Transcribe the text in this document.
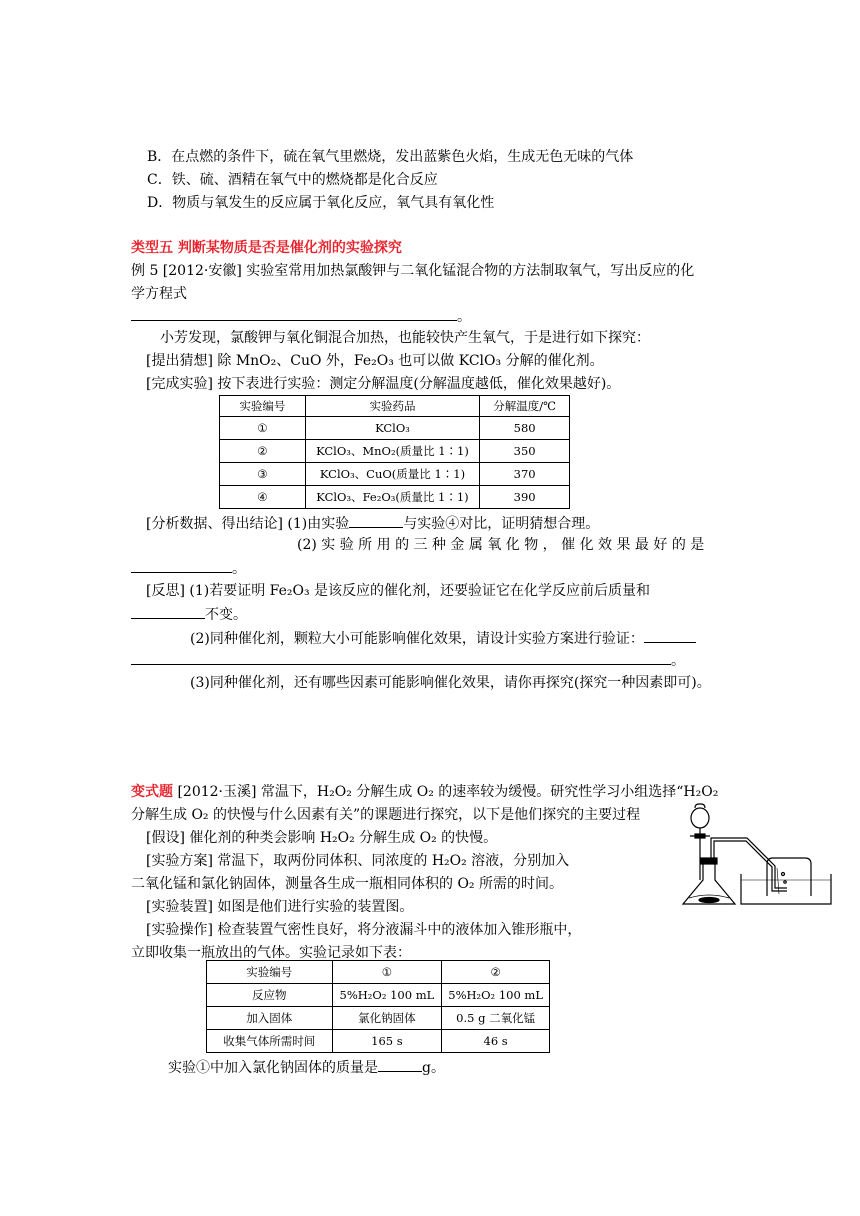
B．在点燃的条件下，硫在氧气里燃烧，发出蓝紫色火焰，生成无色无味的气体
C．铁、硫、酒精在氧气中的燃烧都是化合反应
D．物质与氧发生的反应属于氧化反应，氧气具有氧化性
类型五 判断某物质是否是催化剂的实验探究
例 5 [2012·安徽] 实验室常用加热氯酸钾与二氧化锰混合物的方法制取氧气，写出反应的化
学方程式
。
小芳发现，氯酸钾与氧化铜混合加热，也能较快产生氧气，于是进行如下探究：
[提出猜想] 除 MnO₂、CuO 外，Fe₂O₃ 也可以做 KClO₃ 分解的催化剂。
[完成实验] 按下表进行实验：测定分解温度(分解温度越低，催化效果越好)。
实验编号	实验药品	分解温度/℃
①	KClO₃	580
②	KClO₃、MnO₂(质量比 1∶1)	350
③	KClO₃、CuO(质量比 1∶1)	370
④	KClO₃、Fe₂O₃(质量比 1∶1)	390
[分析数据、得出结论] (1)由实验	与实验④对比，证明猜想合理。
(2) 实 验 所 用 的 三 种 金 属 氧 化 物 ， 催 化 效 果 最 好 的 是
。
[反思] (1)若要证明 Fe₂O₃ 是该反应的催化剂，还要验证它在化学反应前后质量和
不变。
(2)同种催化剂，颗粒大小可能影响催化效果，请设计实验方案进行验证：
。
(3)同种催化剂，还有哪些因素可能影响催化效果，请你再探究(探究一种因素即可)。
变式题 [2012·玉溪] 常温下，H₂O₂ 分解生成 O₂ 的速率较为缓慢。研究性学习小组选择“H₂O₂
分解生成 O₂ 的快慢与什么因素有关”的课题进行探究，以下是他们探究的主要过程
[假设] 催化剂的种类会影响 H₂O₂ 分解生成 O₂ 的快慢。
[实验方案] 常温下，取两份同体积、同浓度的 H₂O₂ 溶液，分别加入
二氧化锰和氯化钠固体，测量各生成一瓶相同体积的 O₂ 所需的时间。
[实验装置] 如图是他们进行实验的装置图。
[实验操作] 检查装置气密性良好，将分液漏斗中的液体加入锥形瓶中，
立即收集一瓶放出的气体。实验记录如下表：
实验编号	①	②
反应物	5%H₂O₂ 100 mL	5%H₂O₂ 100 mL
加入固体	氯化钠固体	0.5 g 二氧化锰
收集气体所需时间	165 s	46 s
实验①中加入氯化钠固体的质量是	g。
